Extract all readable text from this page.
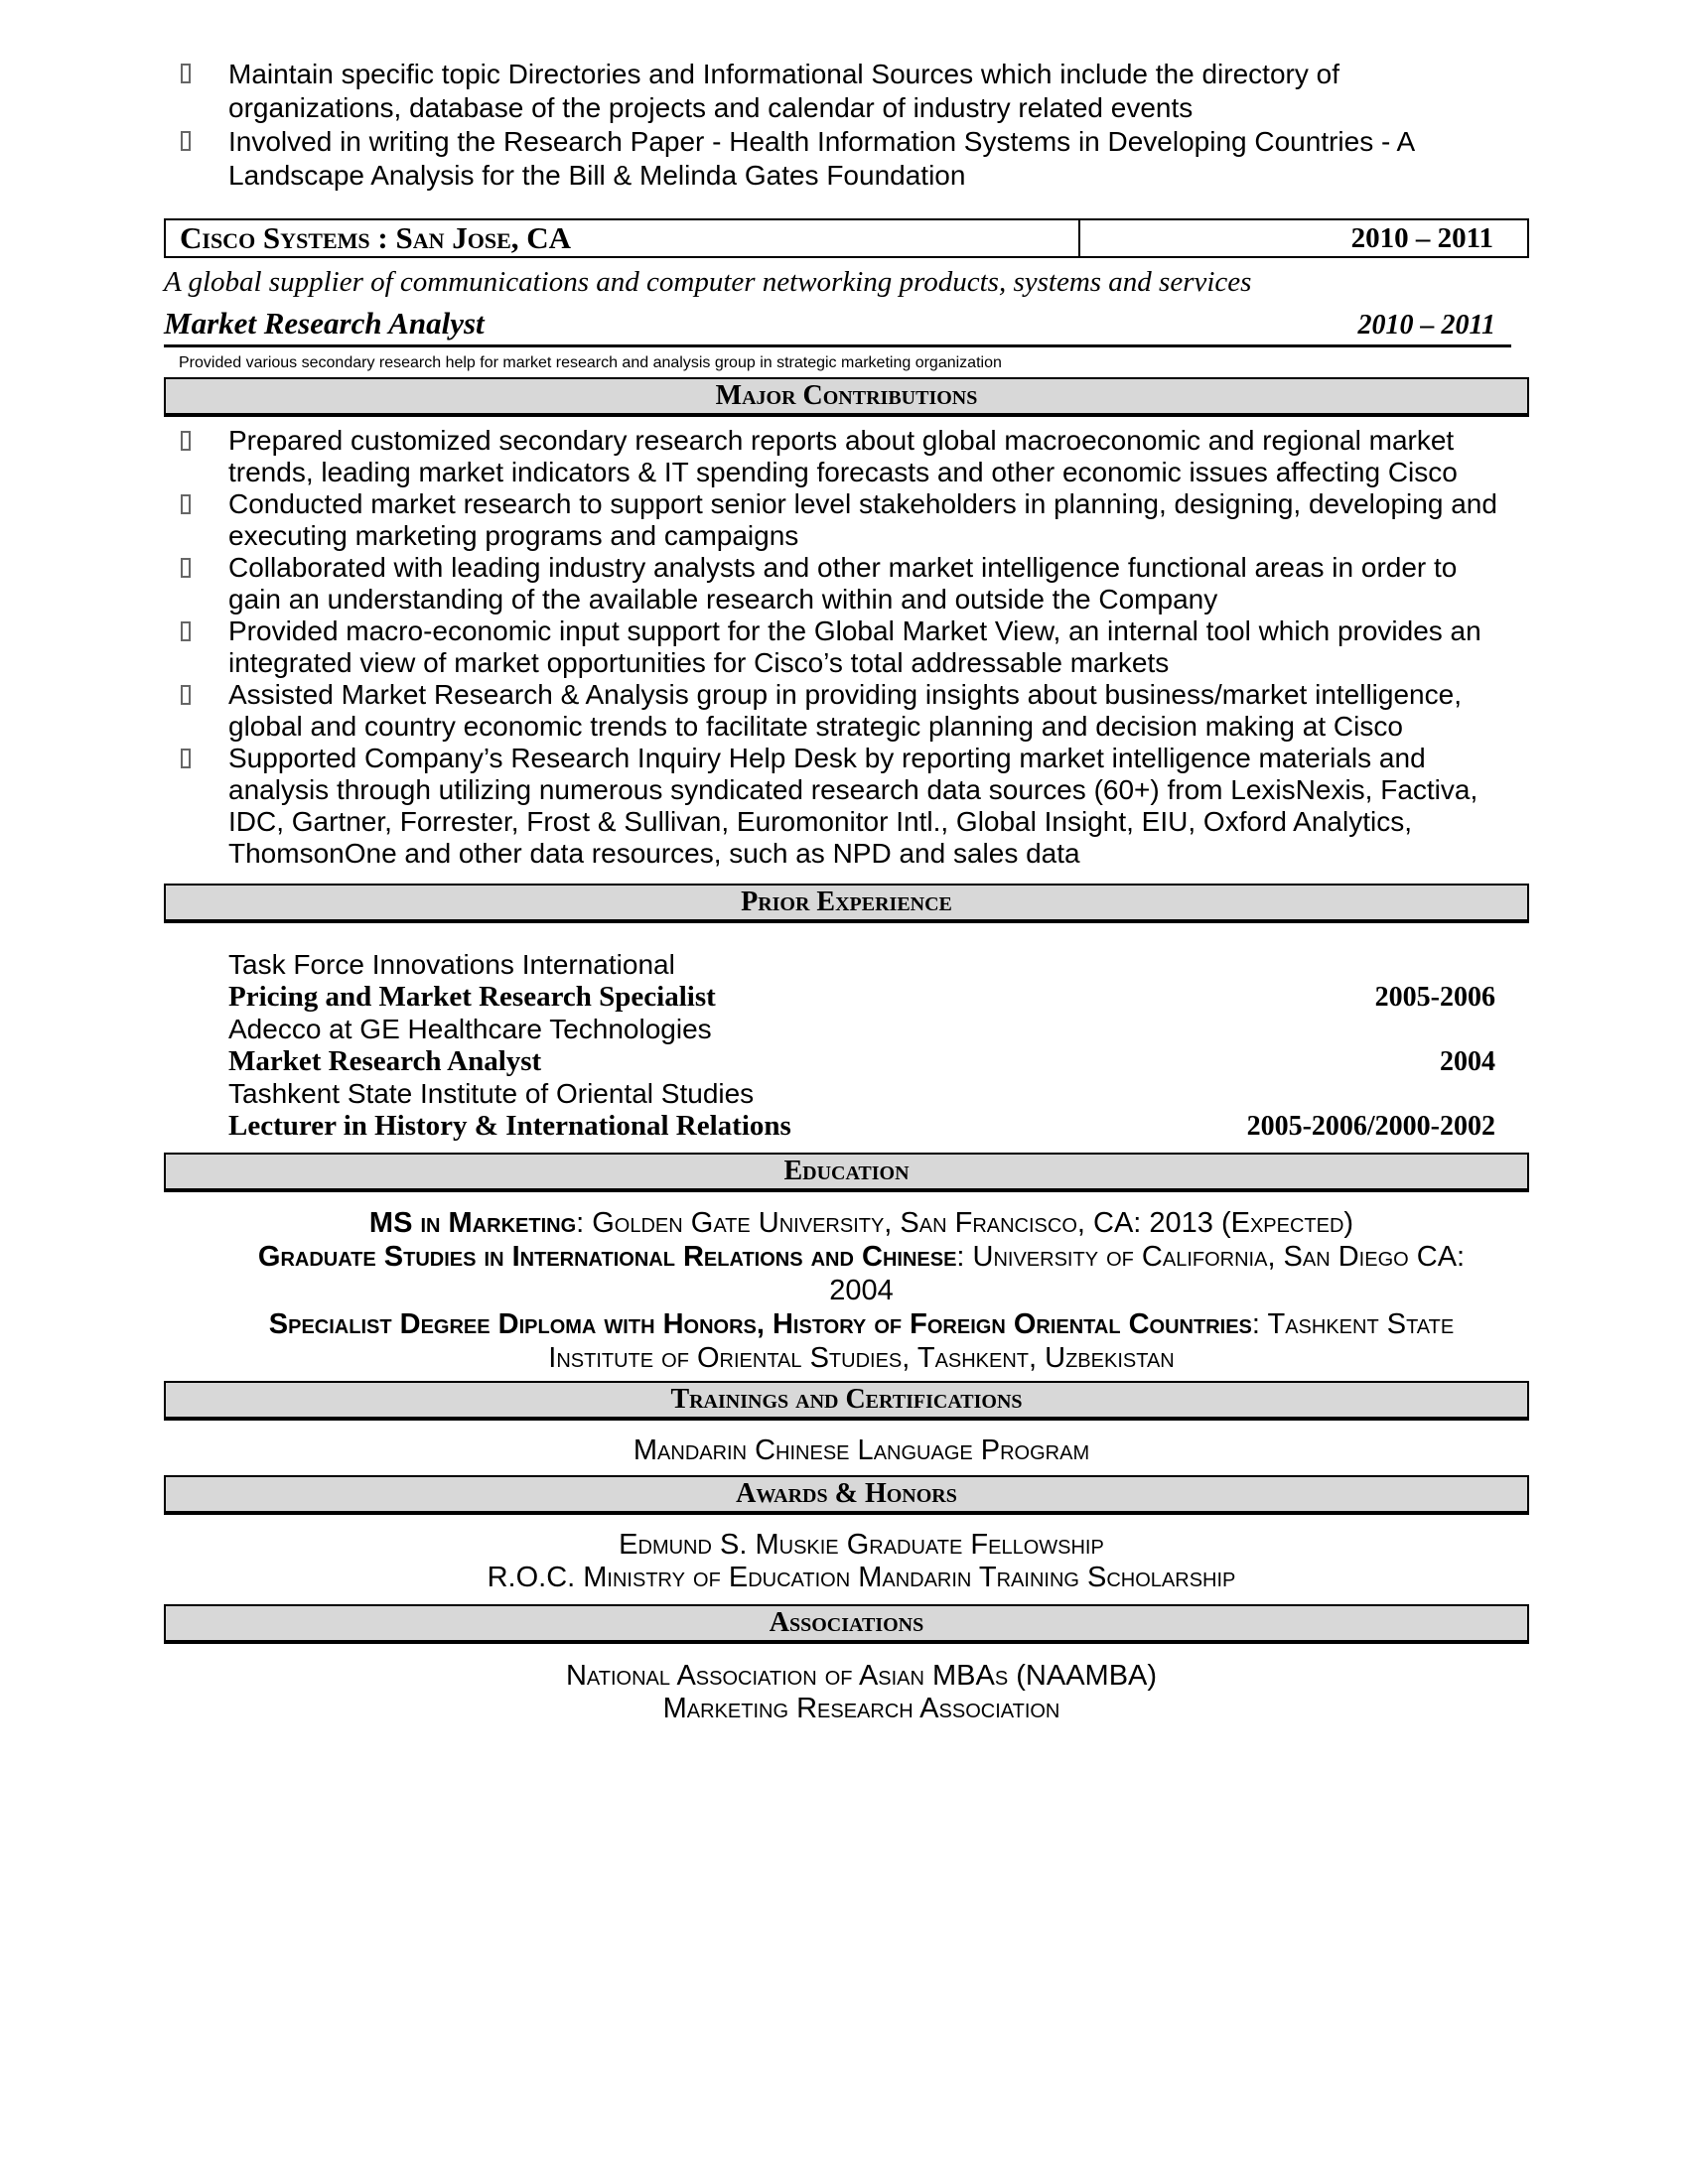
Maintain specific topic Directories and Informational Sources which include the directory of organizations, database of the projects and calendar of industry related events
Involved in writing the Research Paper - Health Information Systems in Developing Countries - A Landscape Analysis for the Bill & Melinda Gates Foundation
Cisco Systems : San Jose, CA	2010 – 2011
A global supplier of communications and computer networking products, systems and services
Market Research Analyst	2010 – 2011
Provided various secondary research help for market research and analysis group in strategic marketing organization
Major Contributions
Prepared customized secondary research reports about global macroeconomic and regional market trends, leading market indicators & IT spending forecasts and other economic issues affecting Cisco
Conducted market research to support senior level stakeholders in planning, designing, developing and executing marketing programs and campaigns
Collaborated with leading industry analysts and other market intelligence functional areas in order to gain an understanding of the available research within and outside the Company
Provided macro-economic input support for the Global Market View, an internal tool which provides an integrated view of market opportunities for Cisco’s total addressable markets
Assisted Market Research & Analysis group in providing insights about business/market intelligence, global and country economic trends to facilitate strategic planning and decision making at Cisco
Supported Company’s Research Inquiry Help Desk by reporting market intelligence materials and analysis through utilizing numerous syndicated research data sources (60+) from LexisNexis, Factiva, IDC, Gartner, Forrester, Frost & Sullivan, Euromonitor Intl., Global Insight, EIU, Oxford Analytics, ThomsonOne and other data resources, such as NPD and sales data
Prior Experience
Task Force Innovations International
Pricing and Market Research Specialist	2005-2006
Adecco at GE Healthcare Technologies
Market Research Analyst	2004
Tashkent State Institute of Oriental Studies
Lecturer in History & International Relations	2005-2006/2000-2002
Education
MS in Marketing: Golden Gate University, San Francisco, CA: 2013 (Expected)
Graduate Studies in International Relations and Chinese: University of California, San Diego CA: 2004
Specialist Degree Diploma with Honors, History of Foreign Oriental Countries: Tashkent State Institute of Oriental Studies, Tashkent, Uzbekistan
Trainings and Certifications
Mandarin Chinese Language Program
Awards & Honors
Edmund S. Muskie Graduate Fellowship
R.O.C. Ministry of Education Mandarin Training Scholarship
Associations
National Association of Asian MBAs (NAAMBA)
Marketing Research Association
